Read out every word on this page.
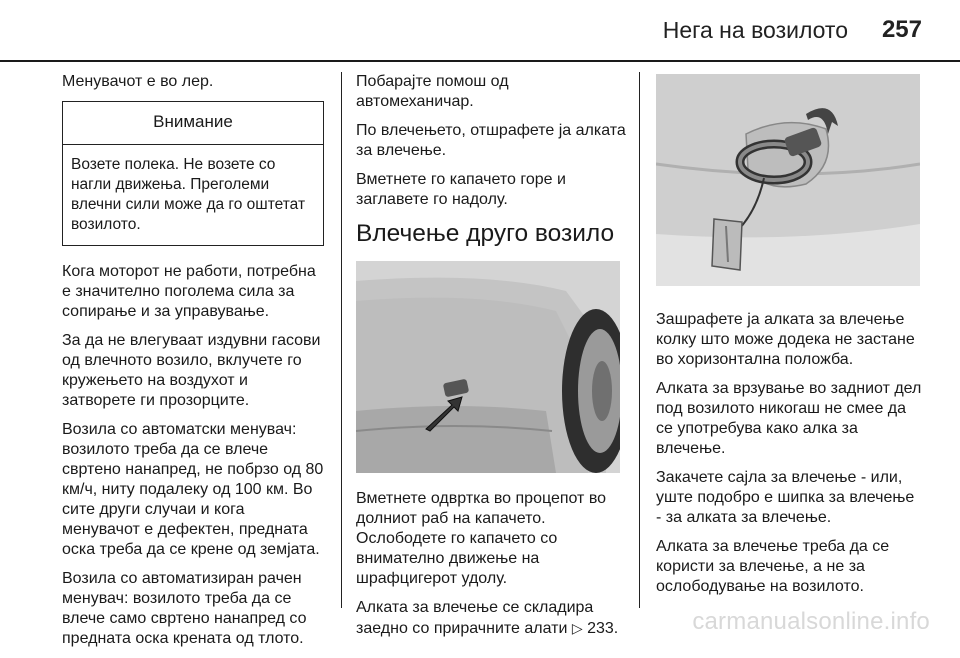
Нега на возилото 257

Менувачот е во лер.

Внимание
Возете полека. Не возете со нагли движења. Преголеми влечни сили може да го оштетат возилото.

Кога моторот не работи, потребна е значително поголема сила за сопирање и за управување.

За да не влегуваат издувни гасови од влечното возило, вклучете го кружењето на воздухот и затворете ги прозорците.

Возила со автоматски менувач: возилото треба да се влече свртено нанапред, не побрзо од 80 км/ч, нитy подалеку од 100 км. Во сите други случаи и кога менувачот е дефектен, предната оска треба да се крене од земјата.

Возила со автоматизиран рачен менувач: возилото треба да се влече само свртено нанапред со предната оска кренатa од тлото.

Побарајте помош од автомеханичар.

По влечењето, отшрафете ја алката за влечење.

Вметнете го капачето горе и заглавете го надолу.

Влечење друго возило

Вметнете одвртка во процепот во долниот раб на капачето. Ослободете го капачето со внимателно движење на шрафцигерот удолу.

Алката за влечење се складира заедно со прирачните алати ▷ 233.

Зашрафете ја алката за влечење колку што може додека не застане во хоризонтална положба.

Алката за врзување во задниот дел под возилото никогаш не смее да се употребува како алка за влечење.

Закачете сајла за влечење - или, уште подобро е шипка за влечење - за алката за влечење.

Алката за влечење треба да се користи за влечење, а не за ослободување на возилото.

carmanualsonline.info
